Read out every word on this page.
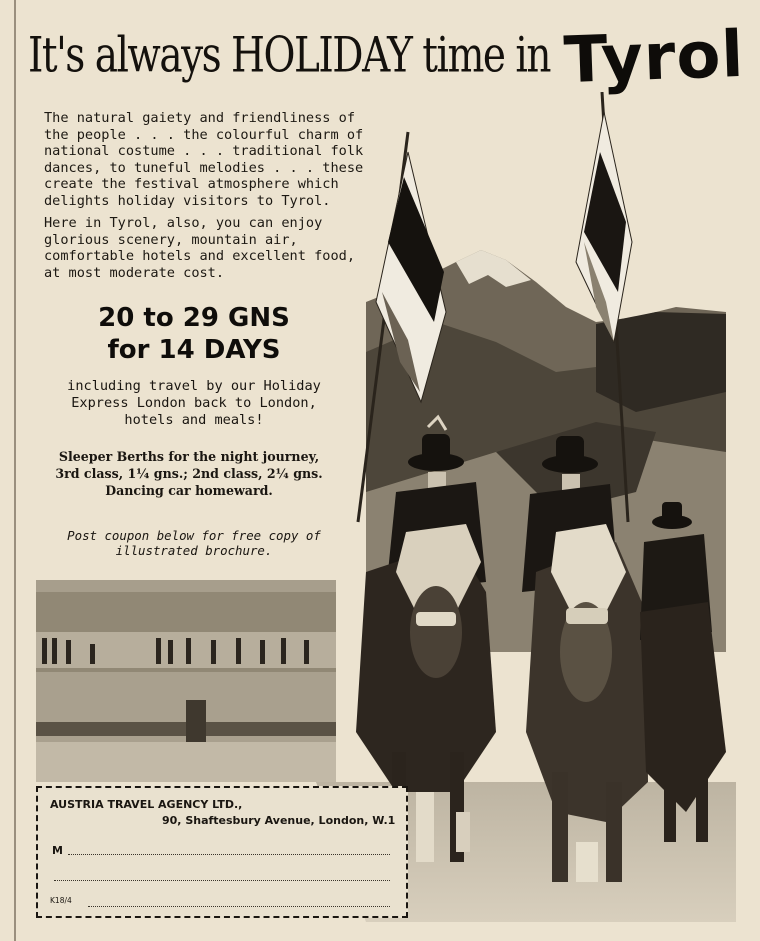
It's always HOLIDAY time in Tyrol

The natural gaiety and friendliness of the people . . . the colourful charm of national costume . . . traditional folk dances, to tuneful melodies . . . these create the festival atmosphere which delights holiday visitors to Tyrol.

Here in Tyrol, also, you can enjoy glorious scenery, mountain air, comfortable hotels and excellent food, at most moderate cost.

20 to 29 GNS
for 14 DAYS
including travel by our Holiday Express London back to London, hotels and meals!
Sleeper Berths for the night journey, 3rd class, 1¼ gns.; 2nd class, 2¼ gns. Dancing car homeward.
Post coupon below for free copy of illustrated brochure.
AUSTRIA TRAVEL AGENCY LTD.,
90, Shaftesbury Avenue, London, W.1
M
K18/4
